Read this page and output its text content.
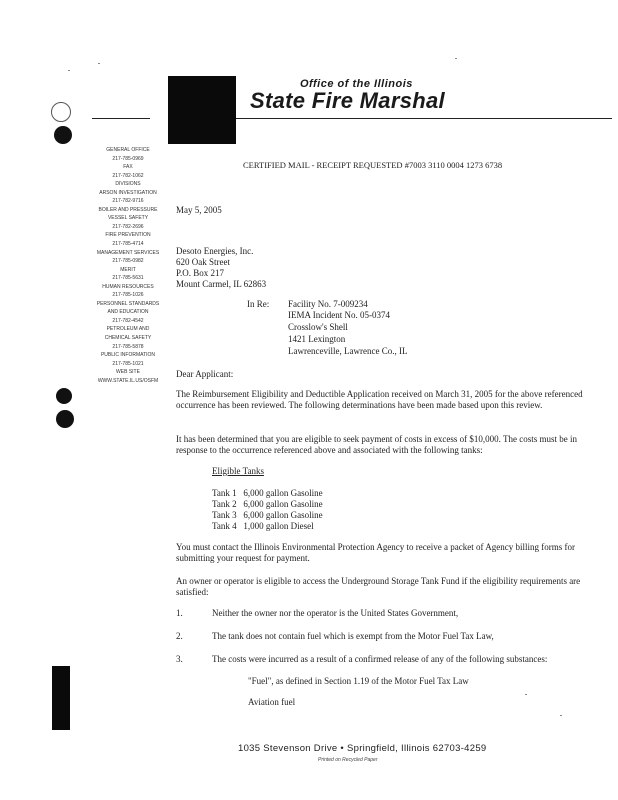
Office of the Illinois
State Fire Marshal
GENERAL OFFICE
217-785-0969
FAX
217-782-1062
DIVISIONS
ARSON INVESTIGATION
217-782-9716
BOILER AND PRESSURE
VESSEL SAFETY
217-782-2696
FIRE PREVENTION
217-785-4714
MANAGEMENT SERVICES
217-785-0982
MERIT
217-785-5631
HUMAN RESOURCES
217-785-1026
PERSONNEL STANDARDS
AND EDUCATION
217-782-4542
PETROLEUM AND
CHEMICAL SAFETY
217-785-5878
PUBLIC INFORMATION
217-785-1021
WEB SITE
WWW.STATE.IL.US/OSFM
CERTIFIED MAIL - RECEIPT REQUESTED #7003 3110 0004 1273 6738
May 5, 2005
Desoto Energies, Inc.
620 Oak Street
P.O. Box 217
Mount Carmel, IL 62863
In Re: Facility No. 7-009234
IEMA Incident No. 05-0374
Crosslow's Shell
1421 Lexington
Lawrenceville, Lawrence Co., IL
Dear Applicant:
The Reimbursement Eligibility and Deductible Application received on March 31, 2005 for the above referenced occurrence has been reviewed. The following determinations have been made based upon this review.
It has been determined that you are eligible to seek payment of costs in excess of $10,000. The costs must be in response to the occurrence referenced above and associated with the following tanks:
Eligible Tanks
Tank 1   6,000 gallon Gasoline
Tank 2   6,000 gallon Gasoline
Tank 3   6,000 gallon Gasoline
Tank 4   1,000 gallon Diesel
You must contact the Illinois Environmental Protection Agency to receive a packet of Agency billing forms for submitting your request for payment.
An owner or operator is eligible to access the Underground Storage Tank Fund if the eligibility requirements are satisfied:
1.	Neither the owner nor the operator is the United States Government,
2.	The tank does not contain fuel which is exempt from the Motor Fuel Tax Law,
3.	The costs were incurred as a result of a confirmed release of any of the following substances:
"Fuel", as defined in Section 1.19 of the Motor Fuel Tax Law
Aviation fuel
1035 Stevenson Drive • Springfield, Illinois 62703-4259
Printed on Recycled Paper
